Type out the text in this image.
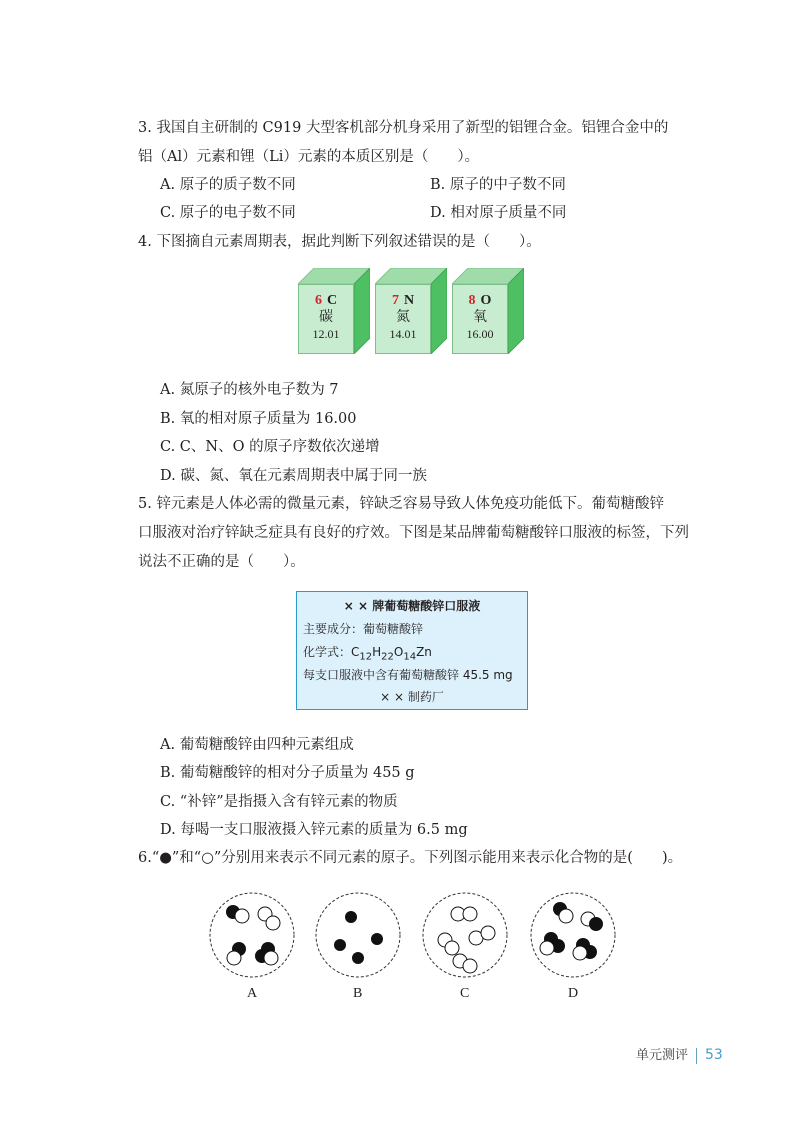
3. 我国自主研制的 C919 大型客机部分机身采用了新型的铝锂合金。铝锂合金中的
铝（Al）元素和锂（Li）元素的本质区别是（　　）。
A. 原子的质子数不同	B. 原子的中子数不同
C. 原子的电子数不同	D. 相对原子质量不同
4. 下图摘自元素周期表，据此判断下列叙述错误的是（　　）。
6 C
碳
12.01
7 N
氮
14.01
8 O
氧
16.00
A. 氮原子的核外电子数为 7
B. 氧的相对原子质量为 16.00
C. C、N、O 的原子序数依次递增
D. 碳、氮、氧在元素周期表中属于同一族
5. 锌元素是人体必需的微量元素，锌缺乏容易导致人体免疫功能低下。葡萄糖酸锌
口服液对治疗锌缺乏症具有良好的疗效。下图是某品牌葡萄糖酸锌口服液的标签，下列
说法不正确的是（　　）。
× × 牌葡萄糖酸锌口服液
主要成分：葡萄糖酸锌
化学式：$C_{12}H_{22}O_{14}Zn$
每支口服液中含有葡萄糖酸锌 45.5 mg
× × 制药厂
A. 葡萄糖酸锌由四种元素组成
B. 葡萄糖酸锌的相对分子质量为 455 g
C. “补锌”是指摄入含有锌元素的物质
D. 每喝一支口服液摄入锌元素的质量为 6.5 mg
6.“●”和“○”分别用来表示不同元素的原子。下列图示能用来表示化合物的是(　　)。
A	B	C	D
单元测评 53
